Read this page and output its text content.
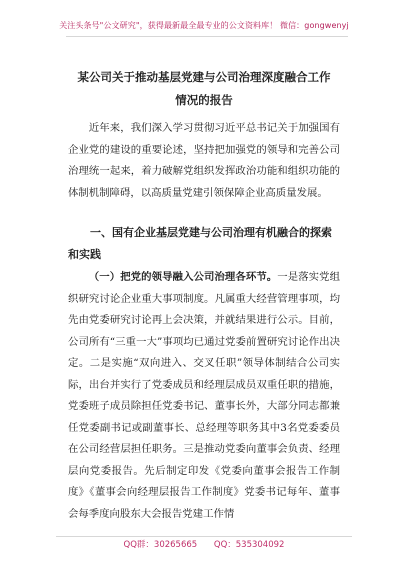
关注头条号"公文研究"，获得最新最全最专业的公文资料库！ 微信：gongwenyj
某公司关于推动基层党建与公司治理深度融合工作情况的报告

近年来，我们深入学习贯彻习近平总书记关于加强国有企业党的建设的重要论述，坚持把加强党的领导和完善公司治理统一起来，着力破解党组织发挥政治功能和组织功能的体制机制障碍，以高质量党建引领保障企业高质量发展。

一、国有企业基层党建与公司治理有机融合的探索和实践

（一）把党的领导融入公司治理各环节。一是落实党组织研究讨论企业重大事项制度。凡属重大经营管理事项，均先由党委研究讨论再上会决策，并就结果进行公示。目前，公司所有“三重一大”事项均已通过党委前置研究讨论作出决定。二是实施“双向进入、交叉任职”领导体制结合公司实际，出台并实行了党委成员和经理层成员双重任职的措施，党委班子成员除担任党委书记、董事长外，大部分同志都兼任党委副书记或副董事长、总经理等职务其中3名党委委员在公司经营层担任职务。三是推动党委向董事会负责、经理层向党委报告。先后制定印发《党委向董事会报告工作制度》《董事会向经理层报告工作制度》党委书记每年、董事会每季度向股东大会报告党建工作情

QQ群：30265665 QQ：535304092
